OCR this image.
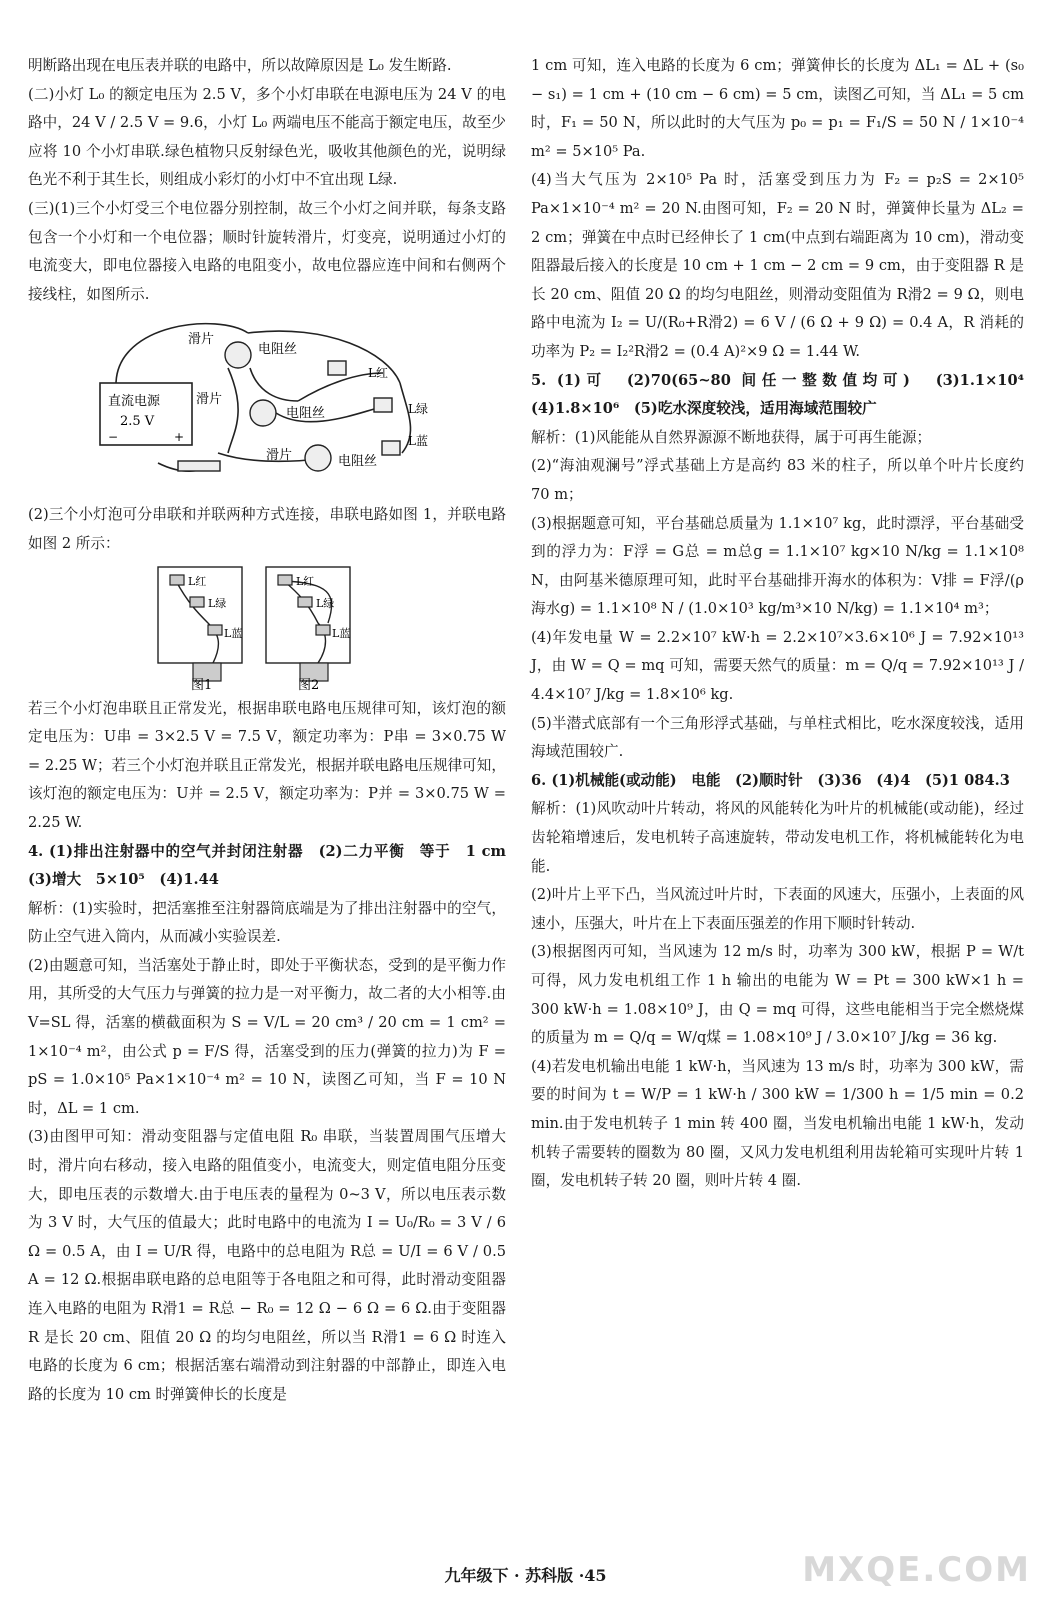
明断路出现在电压表并联的电路中，所以故障原因是 L₀ 发生断路.

(二)小灯 L₀ 的额定电压为 2.5 V，多个小灯串联在电源电压为 24 V 的电路中，24 V / 2.5 V = 9.6，小灯 L₀ 两端电压不能高于额定电压，故至少应将 10 个小灯串联.绿色植物只反射绿色光，吸收其他颜色的光，说明绿色光不利于其生长，则组成小彩灯的小灯中不宜出现 L绿.

(三)(1)三个小灯受三个电位器分别控制，故三个小灯之间并联，每条支路包含一个小灯和一个电位器；顺时针旋转滑片，灯变亮，说明通过小灯的电流变大，即电位器接入电路的电阻变小，故电位器应连中间和右侧两个接线柱，如图所示.

直流电源
2.5 V
−	+
滑片
电阻丝
滑片
电阻丝
滑片	电阻丝
L红
L绿
L蓝

(2)三个小灯泡可分串联和并联两种方式连接，串联电路如图 1，并联电路如图 2 所示：

L红
L绿
L蓝
L红
L绿
L蓝
图1	图2

若三个小灯泡串联且正常发光，根据串联电路电压规律可知，该灯泡的额定电压为：U串 = 3×2.5 V = 7.5 V，额定功率为：P串 = 3×0.75 W = 2.25 W；若三个小灯泡并联且正常发光，根据并联电路电压规律可知，该灯泡的额定电压为：U并 = 2.5 V，额定功率为：P并 = 3×0.75 W = 2.25 W.

4. (1)排出注射器中的空气并封闭注射器　(2)二力平衡　等于　1 cm　(3)增大　5×10⁵　(4)1.44

解析：(1)实验时，把活塞推至注射器筒底端是为了排出注射器中的空气，防止空气进入筒内，从而减小实验误差.

(2)由题意可知，当活塞处于静止时，即处于平衡状态，受到的是平衡力作用，其所受的大气压力与弹簧的拉力是一对平衡力，故二者的大小相等.由 V=SL 得，活塞的横截面积为 S = V/L = 20 cm³ / 20 cm = 1 cm² = 1×10⁻⁴ m²，由公式 p = F/S 得，活塞受到的压力(弹簧的拉力)为 F = pS = 1.0×10⁵ Pa×1×10⁻⁴ m² = 10 N，读图乙可知，当 F = 10 N 时，ΔL = 1 cm.

(3)由图甲可知：滑动变阻器与定值电阻 R₀ 串联，当装置周围气压增大时，滑片向右移动，接入电路的阻值变小，电流变大，则定值电阻分压变大，即电压表的示数增大.由于电压表的量程为 0~3 V，所以电压表示数为 3 V 时，大气压的值最大；此时电路中的电流为 I = U₀/R₀ = 3 V / 6 Ω = 0.5 A，由 I = U/R 得，电路中的总电阻为 R总 = U/I = 6 V / 0.5 A = 12 Ω.根据串联电路的总电阻等于各电阻之和可得，此时滑动变阻器连入电路的电阻为 R滑1 = R总 − R₀ = 12 Ω − 6 Ω = 6 Ω.由于变阻器 R 是长 20 cm、阻值 20 Ω 的均匀电阻丝，所以当 R滑1 = 6 Ω 时连入电路的长度为 6 cm；根据活塞右端滑动到注射器的中部静止，即连入电路的长度为 10 cm 时弹簧伸长的长度是

1 cm 可知，连入电路的长度为 6 cm；弹簧伸长的长度为 ΔL₁ = ΔL + (s₀ − s₁) = 1 cm + (10 cm − 6 cm) = 5 cm，读图乙可知，当 ΔL₁ = 5 cm 时，F₁ = 50 N，所以此时的大气压为 p₀ = p₁ = F₁/S = 50 N / 1×10⁻⁴ m² = 5×10⁵ Pa.

(4)当大气压为 2×10⁵ Pa 时，活塞受到压力为 F₂ = p₂S = 2×10⁵ Pa×1×10⁻⁴ m² = 20 N.由图可知，F₂ = 20 N 时，弹簧伸长量为 ΔL₂ = 2 cm；弹簧在中点时已经伸长了 1 cm(中点到右端距离为 10 cm)，滑动变阻器最后接入的长度是 10 cm + 1 cm − 2 cm = 9 cm，由于变阻器 R 是长 20 cm、阻值 20 Ω 的均匀电阻丝，则滑动变阻值为 R滑2 = 9 Ω，则电路中电流为 I₂ = U/(R₀+R滑2) = 6 V / (6 Ω + 9 Ω) = 0.4 A，R 消耗的功率为 P₂ = I₂²R滑2 = (0.4 A)²×9 Ω = 1.44 W.

5. (1)可　(2)70(65~80 间任一整数值均可)　(3)1.1×10⁴　(4)1.8×10⁶　(5)吃水深度较浅，适用海域范围较广

解析：(1)风能能从自然界源源不断地获得，属于可再生能源；

(2)“海油观澜号”浮式基础上方是高约 83 米的柱子，所以单个叶片长度约 70 m；

(3)根据题意可知，平台基础总质量为 1.1×10⁷ kg，此时漂浮，平台基础受到的浮力为：F浮 = G总 = m总g = 1.1×10⁷ kg×10 N/kg = 1.1×10⁸ N，由阿基米德原理可知，此时平台基础排开海水的体积为：V排 = F浮/(ρ海水g) = 1.1×10⁸ N / (1.0×10³ kg/m³×10 N/kg) = 1.1×10⁴ m³；

(4)年发电量 W = 2.2×10⁷ kW·h = 2.2×10⁷×3.6×10⁶ J = 7.92×10¹³ J，由 W = Q = mq 可知，需要天然气的质量：m = Q/q = 7.92×10¹³ J / 4.4×10⁷ J/kg = 1.8×10⁶ kg.

(5)半潜式底部有一个三角形浮式基础，与单柱式相比，吃水深度较浅，适用海域范围较广.

6. (1)机械能(或动能)　电能　(2)顺时针　(3)36　(4)4　(5)1 084.3

解析：(1)风吹动叶片转动，将风的风能转化为叶片的机械能(或动能)，经过齿轮箱增速后，发电机转子高速旋转，带动发电机工作，将机械能转化为电能.

(2)叶片上平下凸，当风流过叶片时，下表面的风速大，压强小，上表面的风速小，压强大，叶片在上下表面压强差的作用下顺时针转动.

(3)根据图丙可知，当风速为 12 m/s 时，功率为 300 kW，根据 P = W/t 可得，风力发电机组工作 1 h 输出的电能为 W = Pt = 300 kW×1 h = 300 kW·h = 1.08×10⁹ J，由 Q = mq 可得，这些电能相当于完全燃烧煤的质量为 m = Q/q = W/q煤 = 1.08×10⁹ J / 3.0×10⁷ J/kg = 36 kg.

(4)若发电机输出电能 1 kW·h，当风速为 13 m/s 时，功率为 300 kW，需要的时间为 t = W/P = 1 kW·h / 300 kW = 1/300 h = 1/5 min = 0.2 min.由于发电机转子 1 min 转 400 圈，当发电机输出电能 1 kW·h，发动机转子需要转的圈数为 80 圈，又风力发电机组利用齿轮箱可实现叶片转 1 圈，发电机转子转 20 圈，则叶片转 4 圈.

九年级下 · 苏科版 ·45	MXQE.COM
